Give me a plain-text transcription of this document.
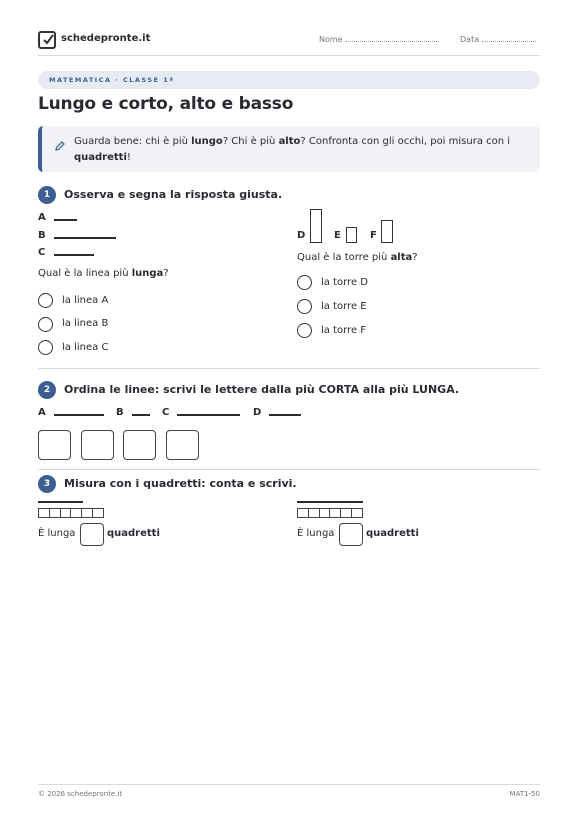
schedepronte.it	Nome	Data
MATEMATICA · CLASSE 1ª
Lungo e corto, alto e basso
Guarda bene: chi è più lungo? Chi è più alto? Confronta con gli occhi, poi misura con i quadretti!
1	Osserva e segna la risposta giusta.
A
B
C
Qual è la linea più lunga?
la linea A
la linea B
la linea C
D	E	F
Qual è la torre più alta?
la torre D
la torre E
la torre F
2	Ordina le linee: scrivi le lettere dalla più CORTA alla più LUNGA.
A	B	C	D
3	Misura con i quadretti: conta e scrivi.
È lunga	quadretti	È lunga	quadretti
© 2026 schedepronte.it	MAT1-50
